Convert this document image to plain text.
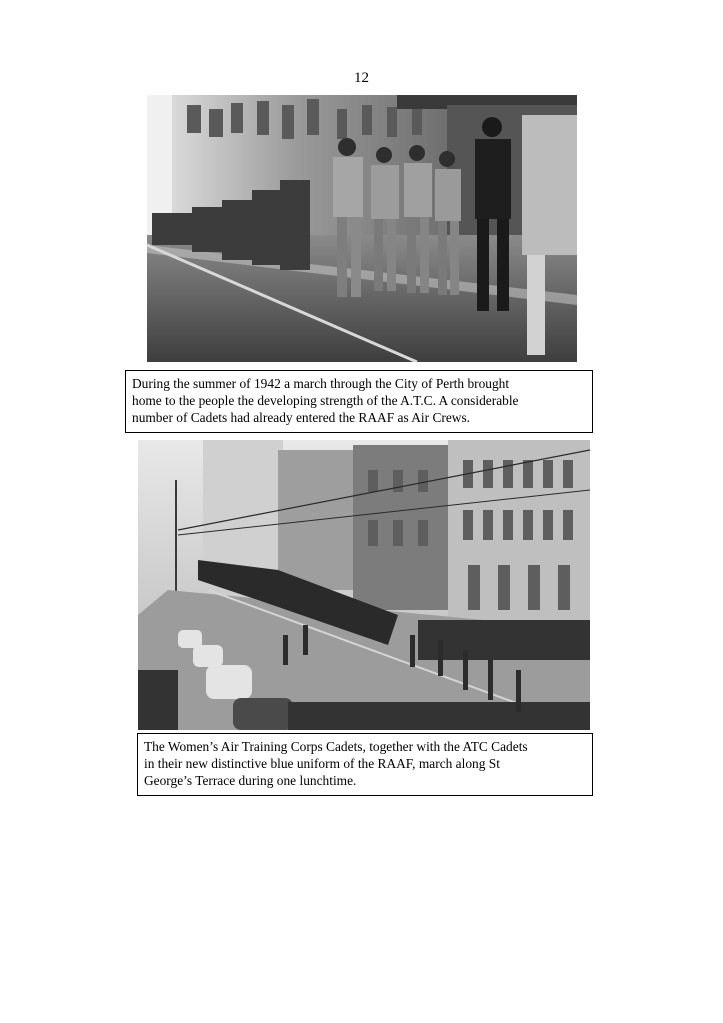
12
During the summer of 1942 a march through the City of Perth brought
home to the people the developing strength of the A.T.C. A considerable
number of Cadets had already entered the RAAF as Air Crews.
The Women’s Air Training Corps Cadets, together with the ATC Cadets
in their new distinctive blue uniform of the RAAF, march along St
George’s Terrace during one lunchtime.
